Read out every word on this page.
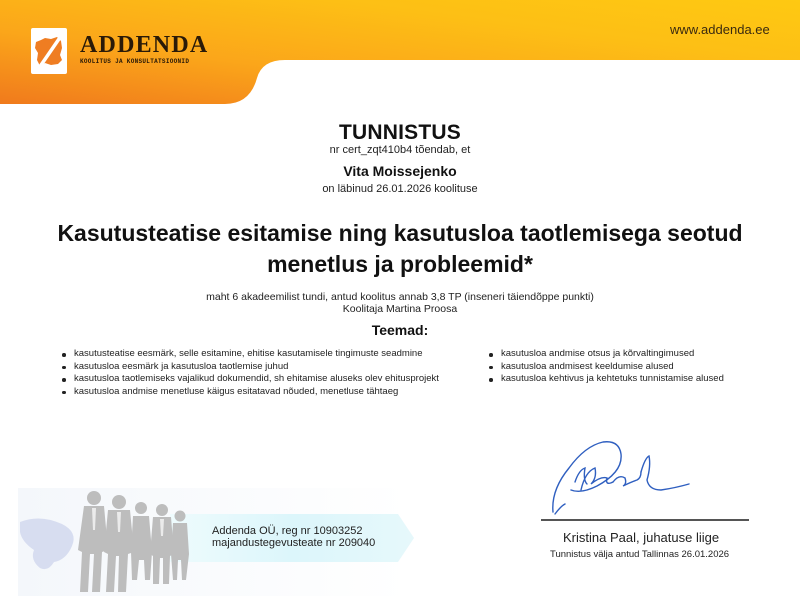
ADDENDA
KOOLITUS JA KONSULTATSIOONID
www.addenda.ee
TUNNISTUS
nr cert_zqt410b4 tõendab, et
Vita Moissejenko
on läbinud 26.01.2026 koolituse
Kasutusteatise esitamise ning kasutusloa taotlemisega seotud menetlus ja probleemid*
maht 6 akadeemilist tundi, antud koolitus annab 3,8 TP (inseneri täiendõppe punkti)
Koolitaja Martina Proosa
Teemad:
kasutusteatise eesmärk, selle esitamine, ehitise kasutamisele tingimuste seadmine
kasutusloa eesmärk ja kasutusloa taotlemise juhud
kasutusloa taotlemiseks vajalikud dokumendid, sh ehitamise aluseks olev ehitusprojekt
kasutusloa andmise menetluse käigus esitatavad nõuded, menetluse tähtaeg
kasutusloa andmise otsus ja kõrvaltingimused
kasutusloa andmisest keeldumise alused
kasutusloa kehtivus ja kehtetuks tunnistamise alused
Addenda OÜ, reg nr 10903252
majandustegevusteate nr 209040	Kristina Paal, juhatuse liige
Tunnistus välja antud Tallinnas 26.01.2026
